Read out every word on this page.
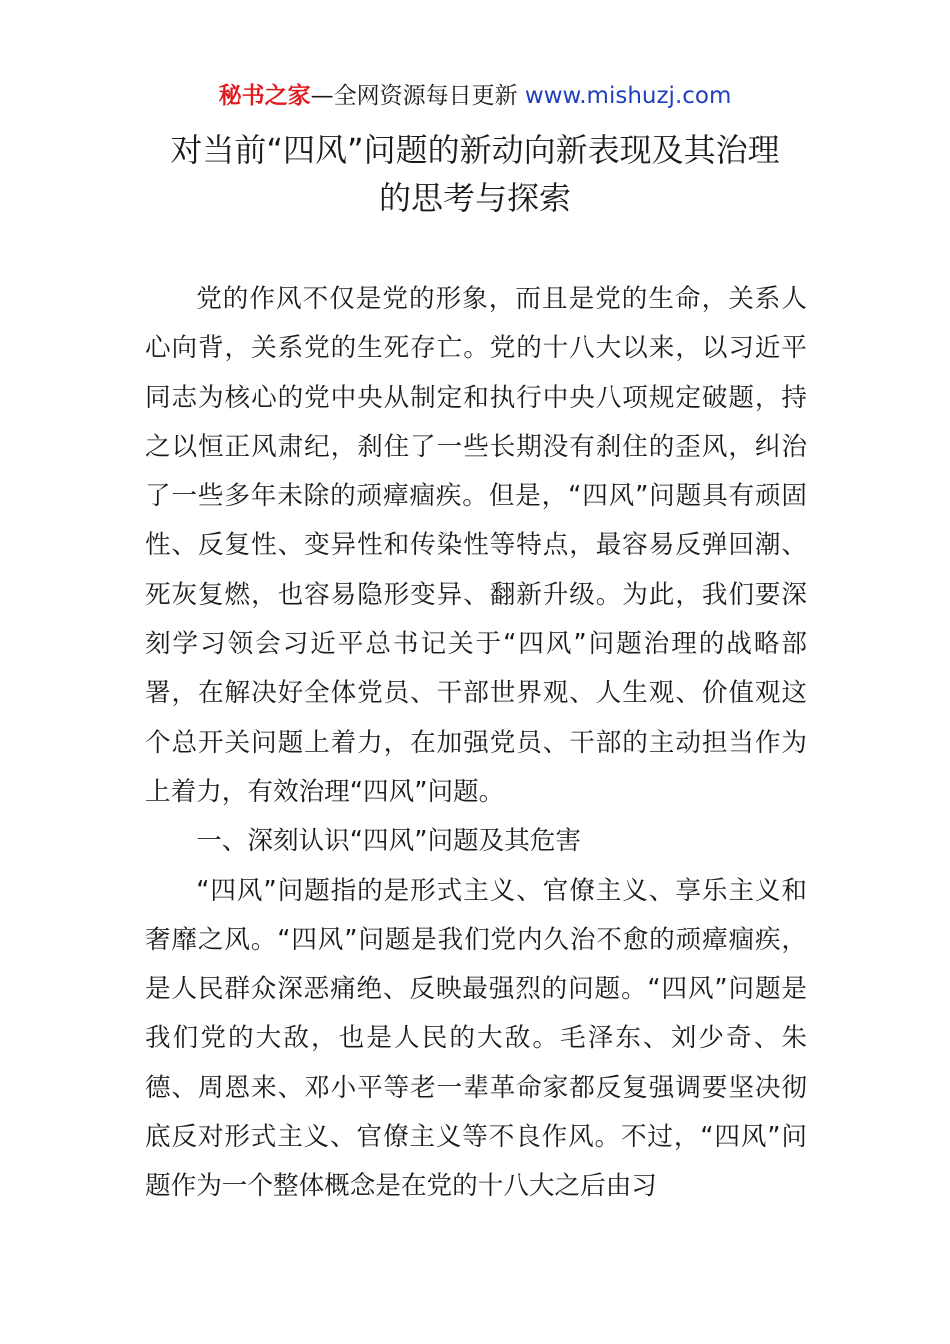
秘书之家—全网资源每日更新 www.mishuzj.com
对当前“四风”问题的新动向新表现及其治理
的思考与探索

党的作风不仅是党的形象，而且是党的生命，关系人心向背，关系党的生死存亡。党的十八大以来，以习近平同志为核心的党中央从制定和执行中央八项规定破题，持之以恒正风肃纪，刹住了一些长期没有刹住的歪风，纠治了一些多年未除的顽瘴痼疾。但是，“四风”问题具有顽固性、反复性、变异性和传染性等特点，最容易反弹回潮、死灰复燃，也容易隐形变异、翻新升级。为此，我们要深刻学习领会习近平总书记关于“四风”问题治理的战略部署，在解决好全体党员、干部世界观、人生观、价值观这个总开关问题上着力，在加强党员、干部的主动担当作为上着力，有效治理“四风”问题。

一、深刻认识“四风”问题及其危害

“四风”问题指的是形式主义、官僚主义、享乐主义和奢靡之风。“四风”问题是我们党内久治不愈的顽瘴痼疾，是人民群众深恶痛绝、反映最强烈的问题。“四风”问题是我们党的大敌，也是人民的大敌。毛泽东、刘少奇、朱德、周恩来、邓小平等老一辈革命家都反复强调要坚决彻底反对形式主义、官僚主义等不良作风。不过，“四风”问题作为一个整体概念是在党的十八大之后由习
